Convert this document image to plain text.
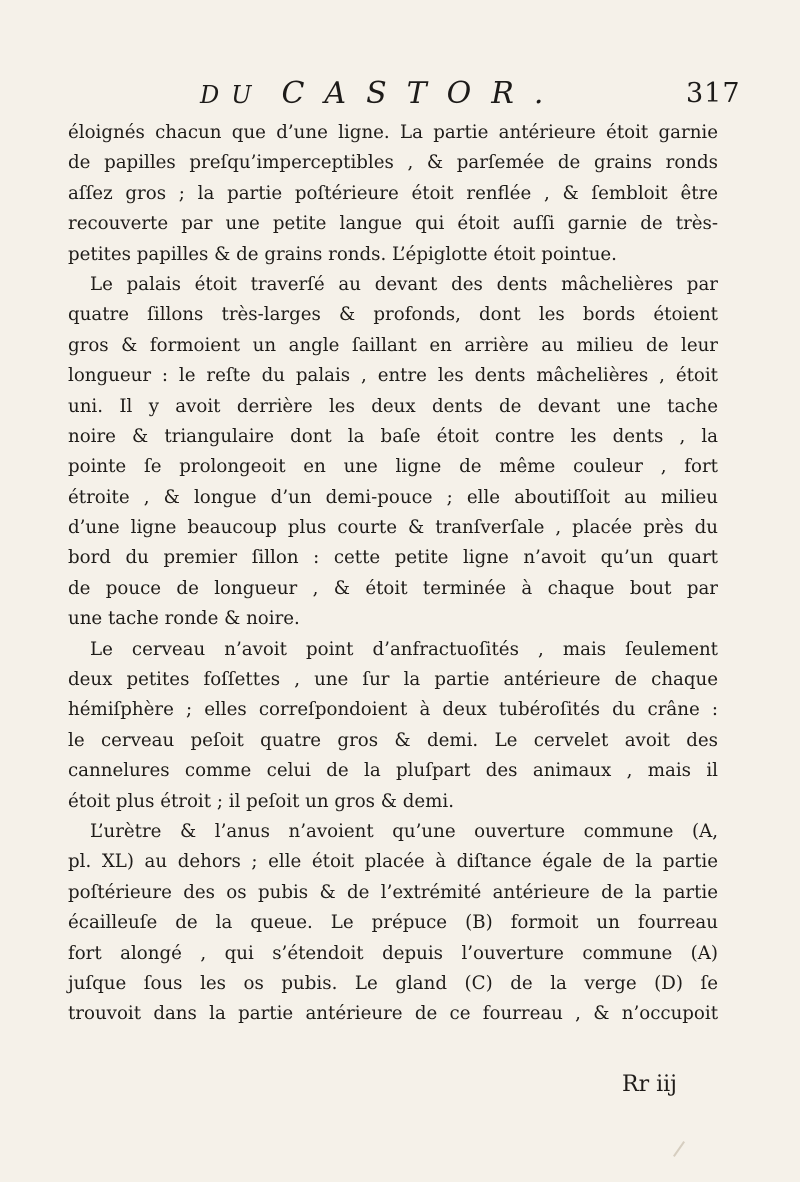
DU CASTOR.	317
éloignés chacun que d’une ligne. La partie antérieure étoit garnie
de papilles preſqu’imperceptibles , & parſemée de grains ronds
aſſez gros ; la partie poſtérieure étoit renflée , & ſembloit être
recouverte par une petite langue qui étoit auſſi garnie de très-
petites papilles & de grains ronds. L’épiglotte étoit pointue.
Le palais étoit traverſé au devant des dents mâchelières par
quatre ſillons très-larges & profonds, dont les bords étoient
gros & formoient un angle ſaillant en arrière au milieu de leur
longueur : le reſte du palais , entre les dents mâchelières , étoit
uni. Il y avoit derrière les deux dents de devant une tache
noire & triangulaire dont la baſe étoit contre les dents , la
pointe ſe prolongeoit en une ligne de même couleur , fort
étroite , & longue d’un demi-pouce ; elle aboutiſſoit au milieu
d’une ligne beaucoup plus courte & tranſverſale , placée près du
bord du premier ſillon : cette petite ligne n’avoit qu’un quart
de pouce de longueur , & étoit terminée à chaque bout par
une tache ronde & noire.
Le cerveau n’avoit point d’anfractuoſités , mais ſeulement
deux petites foſſettes , une ſur la partie antérieure de chaque
hémiſphère ; elles correſpondoient à deux tubéroſités du crâne :
le cerveau peſoit quatre gros & demi. Le cervelet avoit des
cannelures comme celui de la pluſpart des animaux , mais il
étoit plus étroit ; il peſoit un gros & demi.
L’urètre & l’anus n’avoient qu’une ouverture commune (A,
pl. XL) au dehors ; elle étoit placée à diſtance égale de la partie
poſtérieure des os pubis & de l’extrémité antérieure de la partie
écailleuſe de la queue. Le prépuce (B) formoit un fourreau
fort alongé , qui s’étendoit depuis l’ouverture commune (A)
juſque ſous les os pubis. Le gland (C) de la verge (D) ſe
trouvoit dans la partie antérieure de ce fourreau , & n’occupoit
Rr iij
